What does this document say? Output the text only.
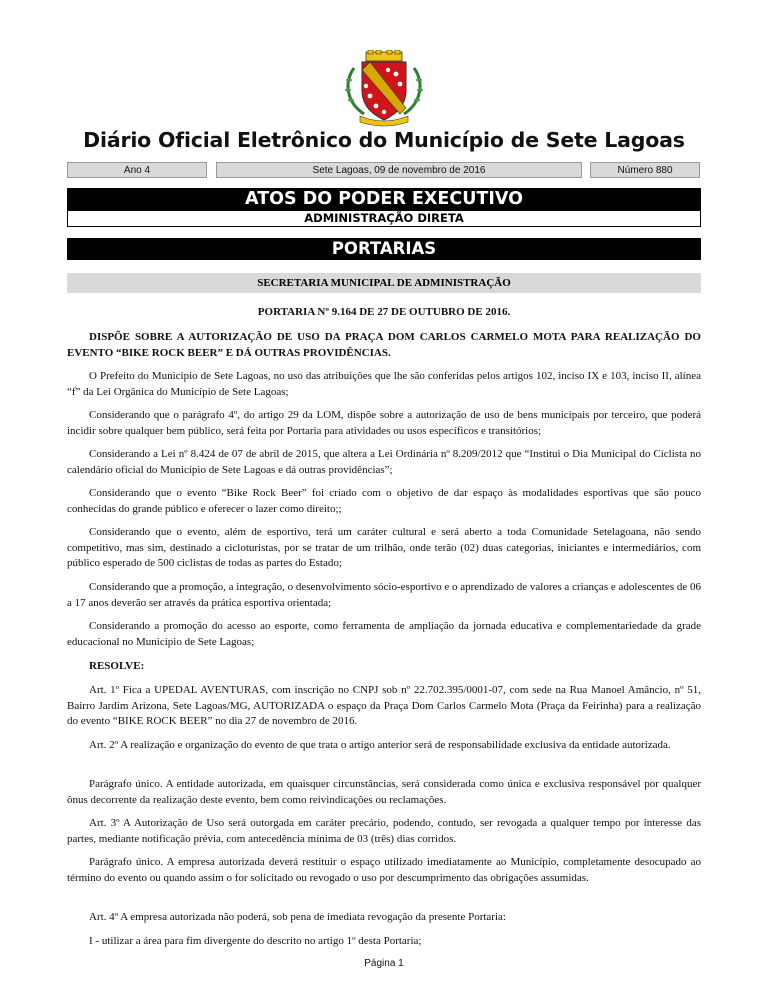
Diário Oficial Eletrônico do Município de Sete Lagoas
Ano 4	Sete Lagoas, 09 de novembro de 2016	Número 880
ATOS DO PODER EXECUTIVO
ADMINISTRAÇÃO DIRETA
PORTARIAS
SECRETARIA MUNICIPAL DE ADMINISTRAÇÃO

PORTARIA Nº 9.164 DE 27 DE OUTUBRO DE 2016.

DISPÕE SOBRE A AUTORIZAÇÃO DE USO DA PRAÇA DOM CARLOS CARMELO MOTA PARA REALIZAÇÃO DO EVENTO “BIKE ROCK BEER” E DÁ OUTRAS PROVIDÊNCIAS.

O Prefeito do Município de Sete Lagoas, no uso das atribuições que lhe são conferidas pelos artigos 102, inciso IX e 103, inciso II, alínea “f” da Lei Orgânica do Município de Sete Lagoas;

Considerando que o parágrafo 4º, do artigo 29 da LOM, dispõe sobre a autorização de uso de bens municipais por terceiro, que poderá incidir sobre qualquer bem público, será feita por Portaria para atividades ou usos específicos e transitórios;

Considerando a Lei nº 8.424 de 07 de abril de 2015, que altera a Lei Ordinária nº 8.209/2012 que “Institui o Dia Municipal do Ciclista no calendário oficial do Município de Sete Lagoas e dá outras providências”;

Considerando que o evento “Bike Rock Beer” foi criado com o objetivo de dar espaço às modalidades esportivas que são pouco conhecidas do grande público e oferecer o lazer como direito;;

Considerando que o evento, além de esportivo, terá um caráter cultural e será aberto a toda Comunidade Setelagoana, não sendo competitivo, mas sim, destinado a cicloturistas, por se tratar de um trilhão, onde terão (02) duas categorias, iniciantes e intermediários, com público esperado de 500 ciclistas de todas as partes do Estado;

Considerando que a promoção, a integração, o desenvolvimento sócio-esportivo e o aprendizado de valores a crianças e adolescentes de 06 a 17 anos deverão ser através da prática esportiva orientada;

Considerando a promoção do acesso ao esporte, como ferramenta de ampliação da jornada educativa e complementariedade da grade educacional no Município de Sete Lagoas;

RESOLVE:

Art. 1º Fica a UPEDAL AVENTURAS, com inscrição no CNPJ sob nº 22.702.395/0001-07, com sede na Rua Manoel Amâncio, nº 51, Bairro Jardim Arizona, Sete Lagoas/MG, AUTORIZADA o espaço da Praça Dom Carlos Carmelo Mota (Praça da Feirinha) para a realização do evento “BIKE ROCK BEER” no dia 27 de novembro de 2016.

Art. 2º A realização e organização do evento de que trata o artigo anterior será de responsabilidade exclusiva da entidade autorizada.

Parágrafo único. A entidade autorizada, em quaisquer circunstâncias, será considerada como única e exclusiva responsável por qualquer ônus decorrente da realização deste evento, bem como reivindicações ou reclamações.

Art. 3º A Autorização de Uso será outorgada em caráter precário, podendo, contudo, ser revogada a qualquer tempo por interesse das partes, mediante notificação prévia, com antecedência mínima de 03 (três) dias corridos.

Parágrafo único. A empresa autorizada deverá restituir o espaço utilizado imediatamente ao Município, completamente desocupado ao término do evento ou quando assim o for solicitado ou revogado o uso por descumprimento das obrigações assumidas.

Art. 4º A empresa autorizada não poderá, sob pena de imediata revogação da presente Portaria:

I - utilizar a área para fim divergente do descrito no artigo 1º desta Portaria;

Página 1
